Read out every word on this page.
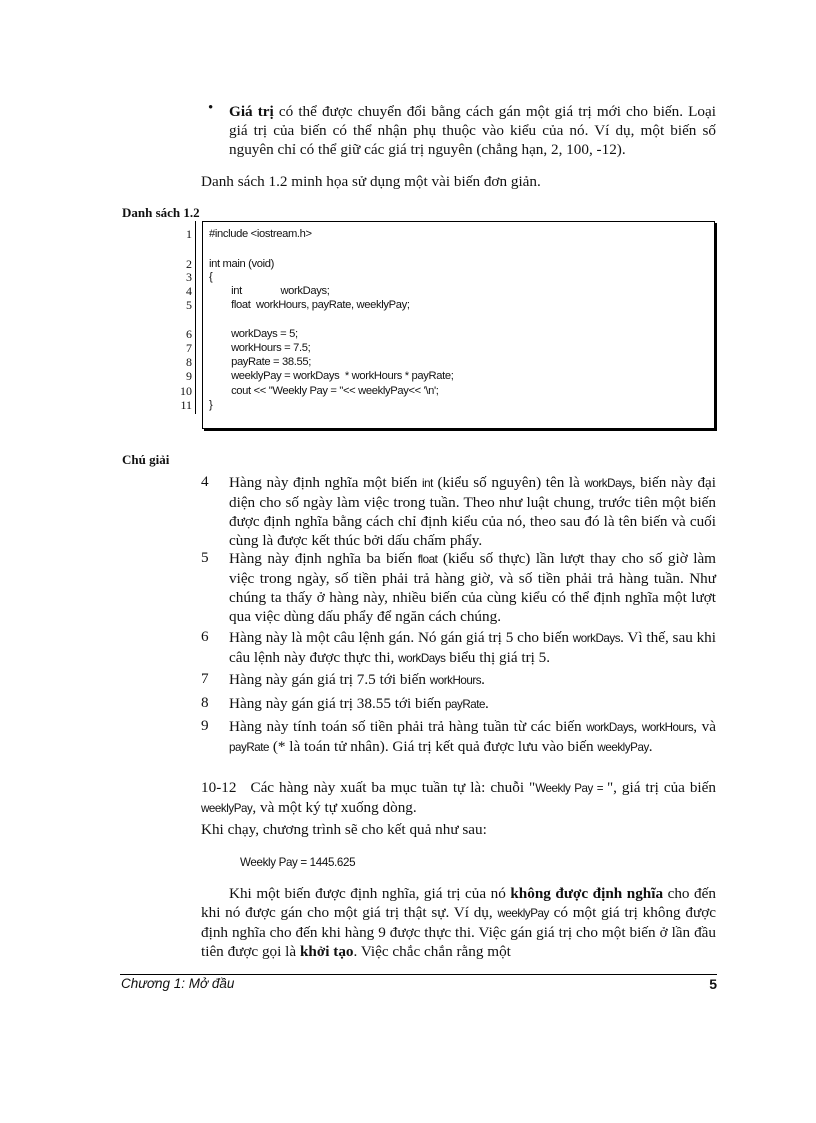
• Giá trị có thể được chuyển đổi bằng cách gán một giá trị mới cho biến. Loại giá trị của biến có thể nhận phụ thuộc vào kiểu của nó. Ví dụ, một biến số nguyên chỉ có thể giữ các giá trị nguyên (chẳng hạn, 2, 100, -12).
Danh sách 1.2 minh họa sử dụng một vài biến đơn giản.
Danh sách 1.2
1 #include <iostream.h>
2 int main (void)
3 {
4 int              workDays;
5 float  workHours, payRate, weeklyPay;
6 workDays = 5;
7 workHours = 7.5;
8 payRate = 38.55;
9 weeklyPay = workDays  * workHours * payRate;
10 cout << "Weekly Pay = "<< weeklyPay<< '\n';
11 }
Chú giải
4 Hàng này định nghĩa một biến int (kiểu số nguyên) tên là workDays, biến này đại diện cho số ngày làm việc trong tuần. Theo như luật chung, trước tiên một biến được định nghĩa bằng cách chỉ định kiểu của nó, theo sau đó là tên biến và cuối cùng là được kết thúc bởi dấu chấm phẩy.
5 Hàng này định nghĩa ba biến float (kiểu số thực) lần lượt thay cho số giờ làm việc trong ngày, số tiền phải trả hàng giờ, và số tiền phải trả hàng tuần. Như chúng ta thấy ở hàng này, nhiều biến của cùng kiểu có thể định nghĩa một lượt qua việc dùng dấu phẩy để ngăn cách chúng.
6 Hàng này là một câu lệnh gán. Nó gán giá trị 5 cho biến workDays. Vì thế, sau khi câu lệnh này được thực thi, workDays biểu thị giá trị 5.
7 Hàng này gán giá trị 7.5 tới biến workHours.
8 Hàng này gán giá trị 38.55 tới biến payRate.
9 Hàng này tính toán số tiền phải trả hàng tuần từ các biến workDays, workHours, và payRate (* là toán tử nhân). Giá trị kết quả được lưu vào biến weeklyPay.
10-12 Các hàng này xuất ba mục tuần tự là: chuỗi "Weekly Pay = ", giá trị của biến weeklyPay, và một ký tự xuống dòng.
Khi chạy, chương trình sẽ cho kết quả như sau:
Weekly Pay = 1445.625
Khi một biến được định nghĩa, giá trị của nó không được định nghĩa cho đến khi nó được gán cho một giá trị thật sự. Ví dụ, weeklyPay có một giá trị không được định nghĩa cho đến khi hàng 9 được thực thi. Việc gán giá trị cho một biến ở lần đầu tiên được gọi là khởi tạo. Việc chắc chắn rằng một
Chương 1: Mở đầu	5
